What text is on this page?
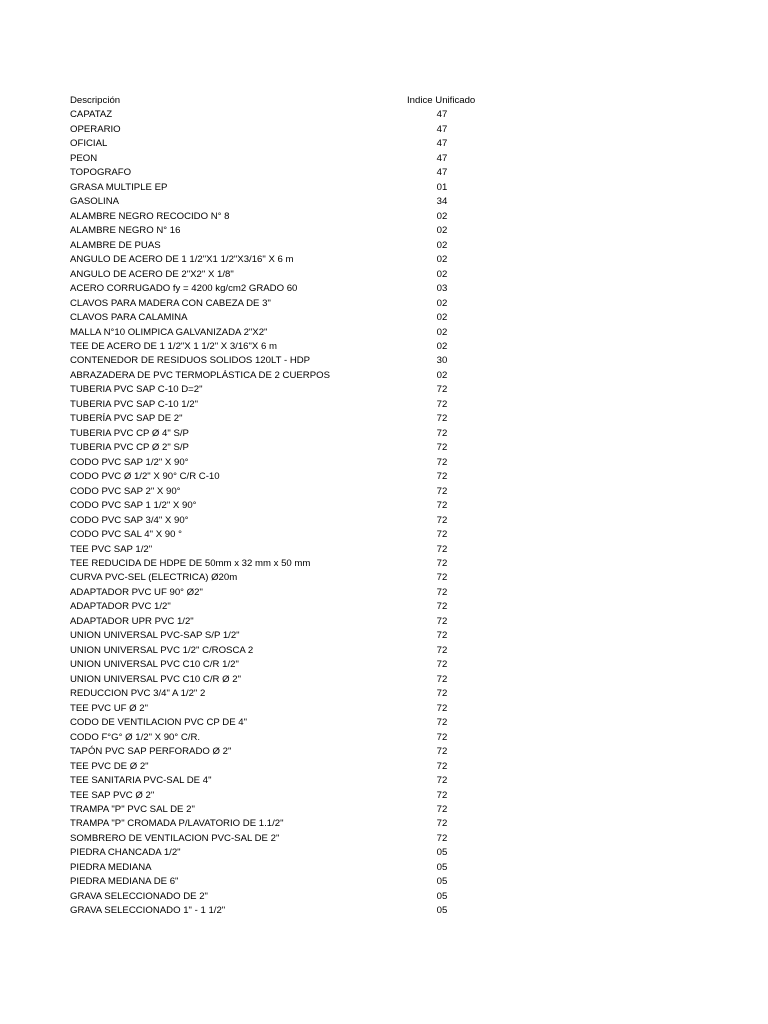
Descripción	Indice Unificado
CAPATAZ	47
OPERARIO	47
OFICIAL	47
PEON	47
TOPOGRAFO	47
GRASA MULTIPLE EP	01
GASOLINA	34
ALAMBRE NEGRO RECOCIDO N° 8	02
ALAMBRE NEGRO N° 16	02
ALAMBRE DE PUAS	02
ANGULO DE ACERO DE 1 1/2"X1 1/2"X3/16" X 6 m	02
ANGULO DE ACERO DE 2"X2" X 1/8"	02
ACERO CORRUGADO fy = 4200 kg/cm2 GRADO 60	03
CLAVOS PARA MADERA CON CABEZA DE 3"	02
CLAVOS PARA CALAMINA	02
MALLA N°10 OLIMPICA GALVANIZADA 2"X2"	02
TEE DE ACERO DE 1 1/2"X 1 1/2" X 3/16"X 6 m	02
CONTENEDOR DE RESIDUOS SOLIDOS 120LT - HDP	30
ABRAZADERA DE PVC TERMOPLÁSTICA DE 2 CUERPOS	02
TUBERIA PVC SAP C-10 D=2"	72
TUBERIA PVC SAP C-10 1/2"	72
TUBERÍA PVC SAP DE 2"	72
TUBERIA PVC CP Ø 4" S/P	72
TUBERIA PVC CP Ø 2" S/P	72
CODO PVC SAP 1/2" X 90°	72
CODO PVC Ø 1/2" X 90° C/R C-10	72
CODO PVC SAP 2" X 90°	72
CODO PVC SAP 1 1/2" X 90°	72
CODO PVC SAP 3/4" X 90°	72
CODO PVC SAL 4" X 90 °	72
TEE PVC SAP 1/2"	72
TEE REDUCIDA DE HDPE DE 50mm x 32 mm x 50 mm	72
CURVA PVC-SEL (ELECTRICA) Ø20m	72
ADAPTADOR PVC UF 90° Ø2"	72
ADAPTADOR PVC 1/2"	72
ADAPTADOR UPR PVC 1/2"	72
UNION UNIVERSAL PVC-SAP S/P 1/2"	72
UNION UNIVERSAL PVC 1/2" C/ROSCA 2	72
UNION UNIVERSAL PVC C10 C/R 1/2"	72
UNION UNIVERSAL PVC C10 C/R Ø 2"	72
REDUCCION PVC 3/4" A 1/2" 2	72
TEE PVC UF Ø 2"	72
CODO DE VENTILACION PVC CP DE 4"	72
CODO F°G° Ø 1/2" X 90° C/R.	72
TAPÓN PVC SAP PERFORADO Ø 2"	72
TEE PVC DE Ø 2"	72
TEE SANITARIA PVC-SAL DE 4"	72
TEE SAP PVC Ø 2"	72
TRAMPA "P" PVC SAL DE 2"	72
TRAMPA "P" CROMADA P/LAVATORIO DE 1.1/2"	72
SOMBRERO DE VENTILACION PVC-SAL DE 2"	72
PIEDRA CHANCADA 1/2"	05
PIEDRA MEDIANA	05
PIEDRA MEDIANA DE 6"	05
GRAVA SELECCIONADO DE 2"	05
GRAVA SELECCIONADO 1" - 1 1/2"	05
